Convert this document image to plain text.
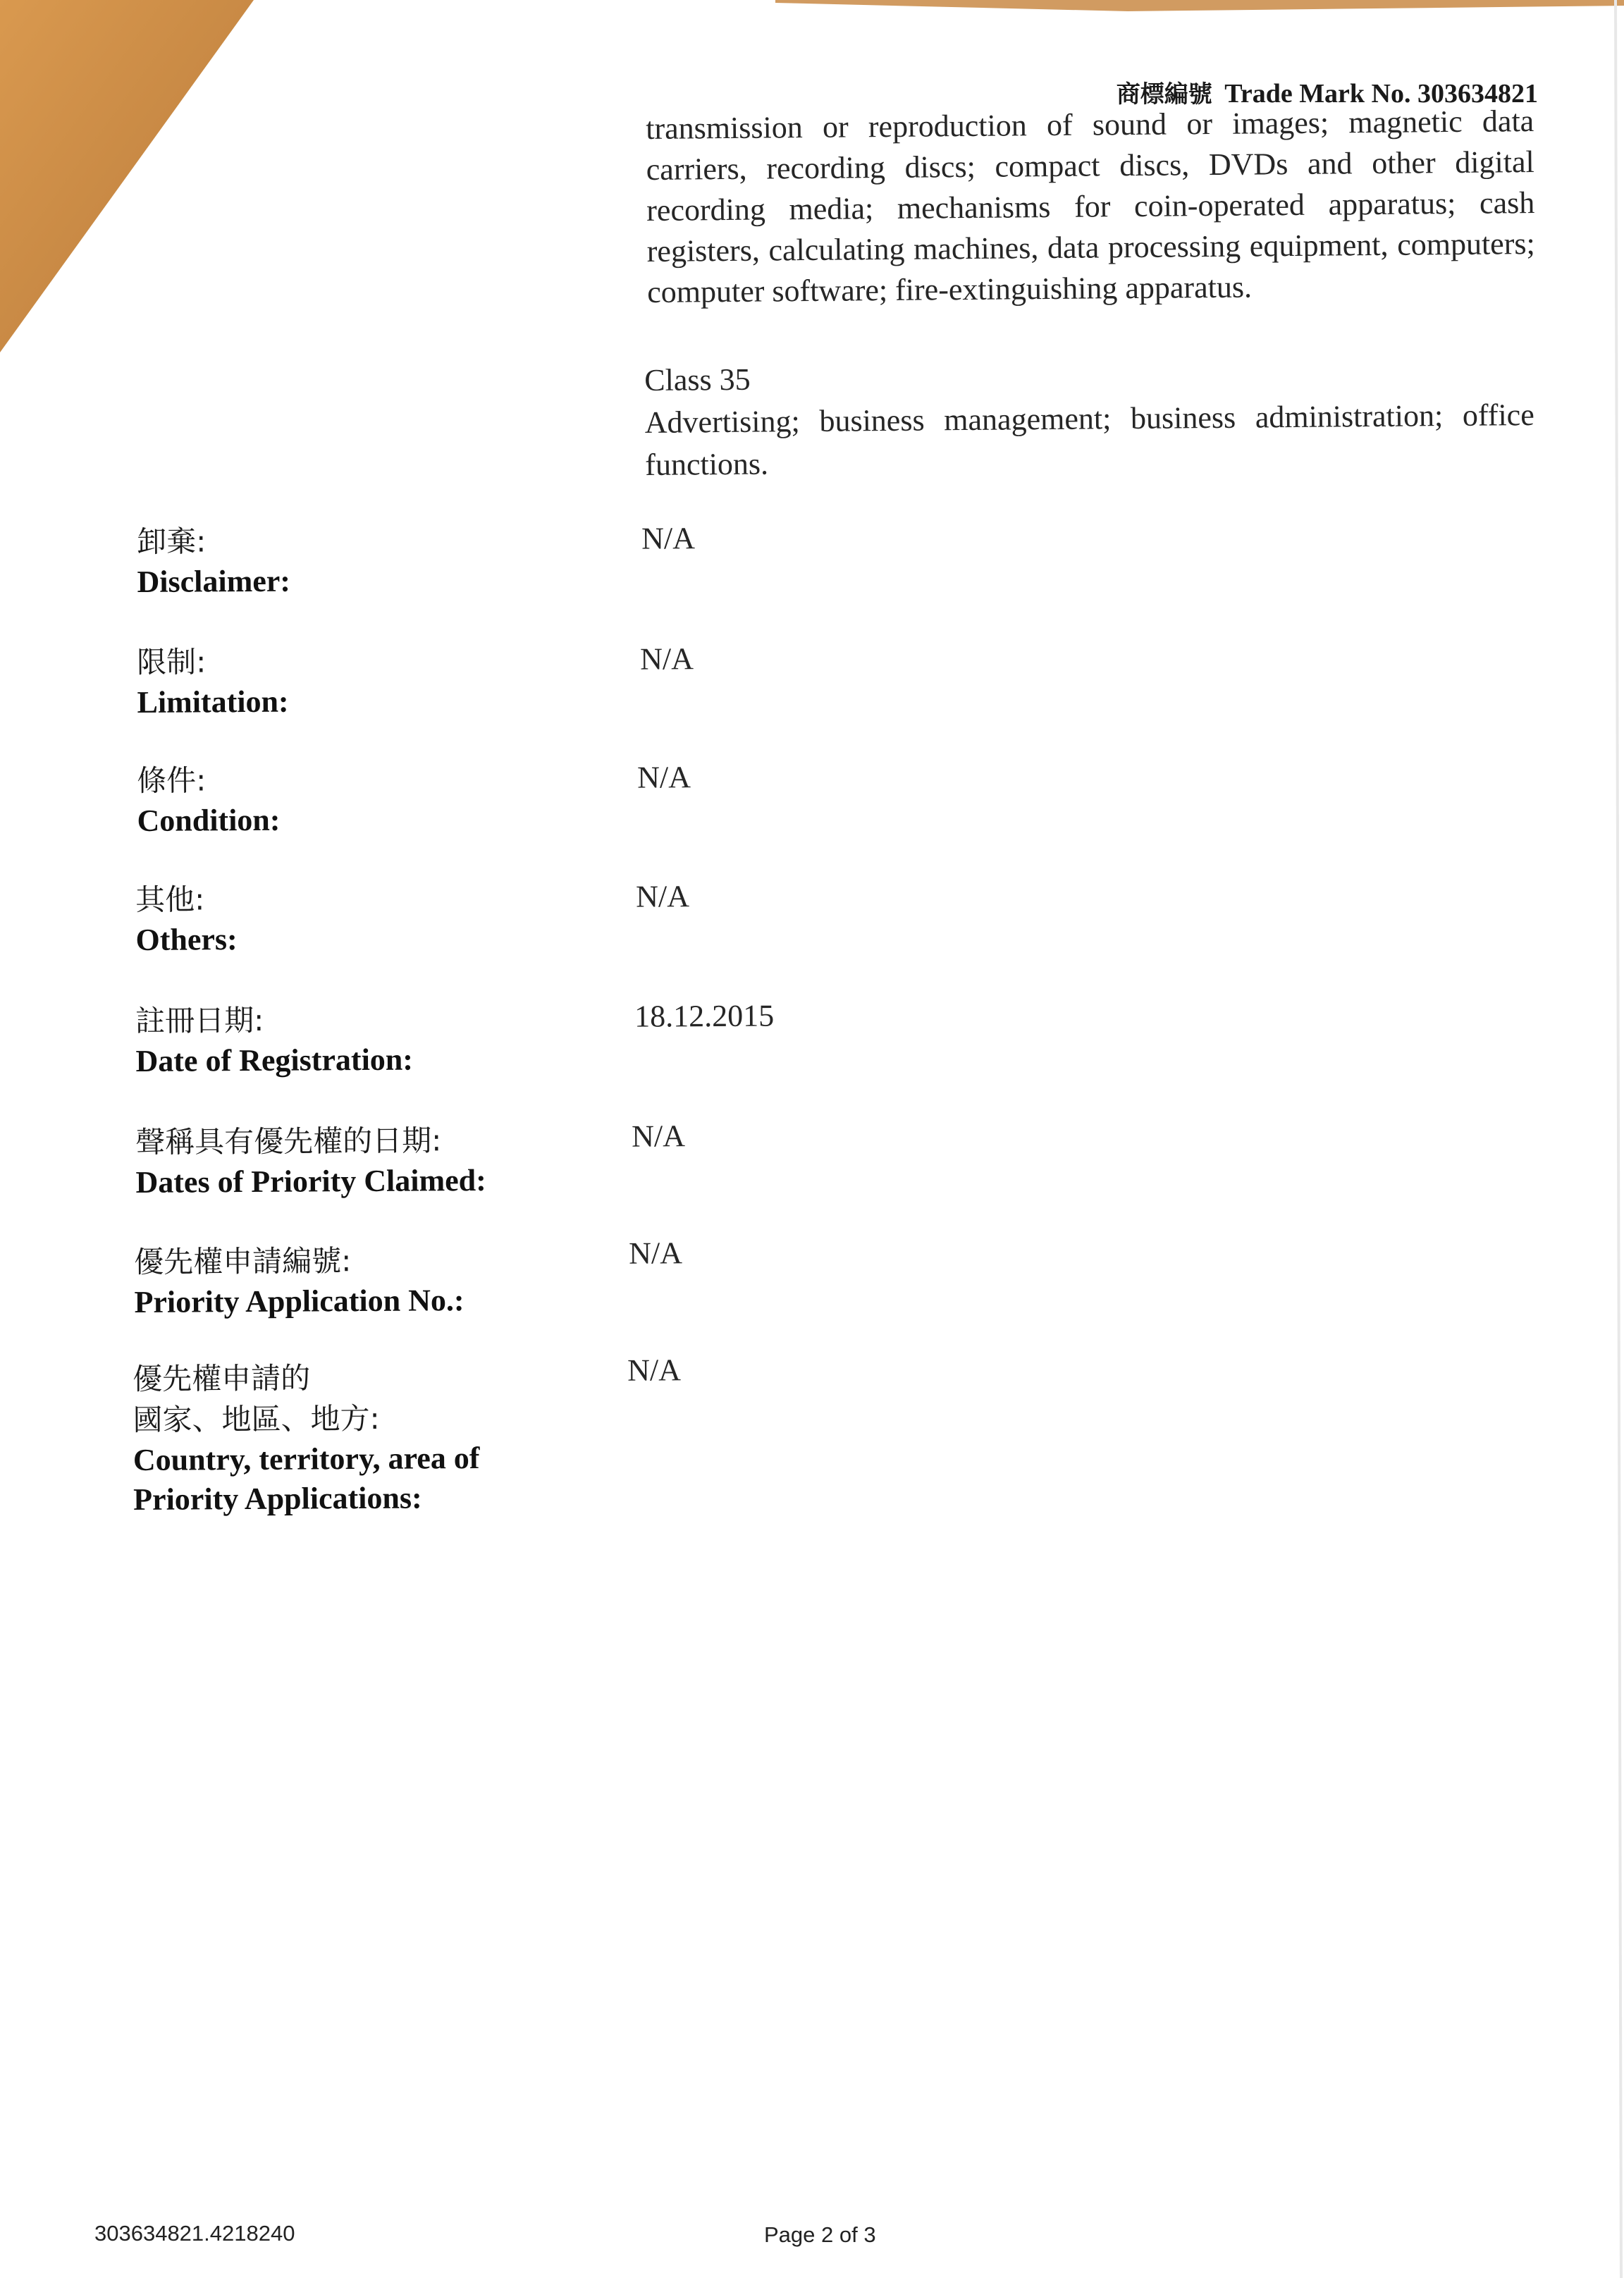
商標編號 Trade Mark No. 303634821
transmission or reproduction of sound or images; magnetic data carriers, recording discs; compact discs, DVDs and other digital recording media; mechanisms for coin-operated apparatus; cash registers, calculating machines, data processing equipment, computers; computer software; fire-extinguishing apparatus.

Class 35

Advertising; business management; business administration; office functions.

卸棄:
Disclaimer:
N/A
限制:
Limitation:
N/A
條件:
Condition:
N/A
其他:
Others:
N/A
註冊日期:
Date of Registration:
18.12.2015
聲稱具有優先權的日期:
Dates of Priority Claimed:
N/A
優先權申請編號:
Priority Application No.:
N/A
優先權申請的
國家、地區、地方:
Country, territory, area of
Priority Applications:
N/A
303634821.4218240	Page 2 of 3
